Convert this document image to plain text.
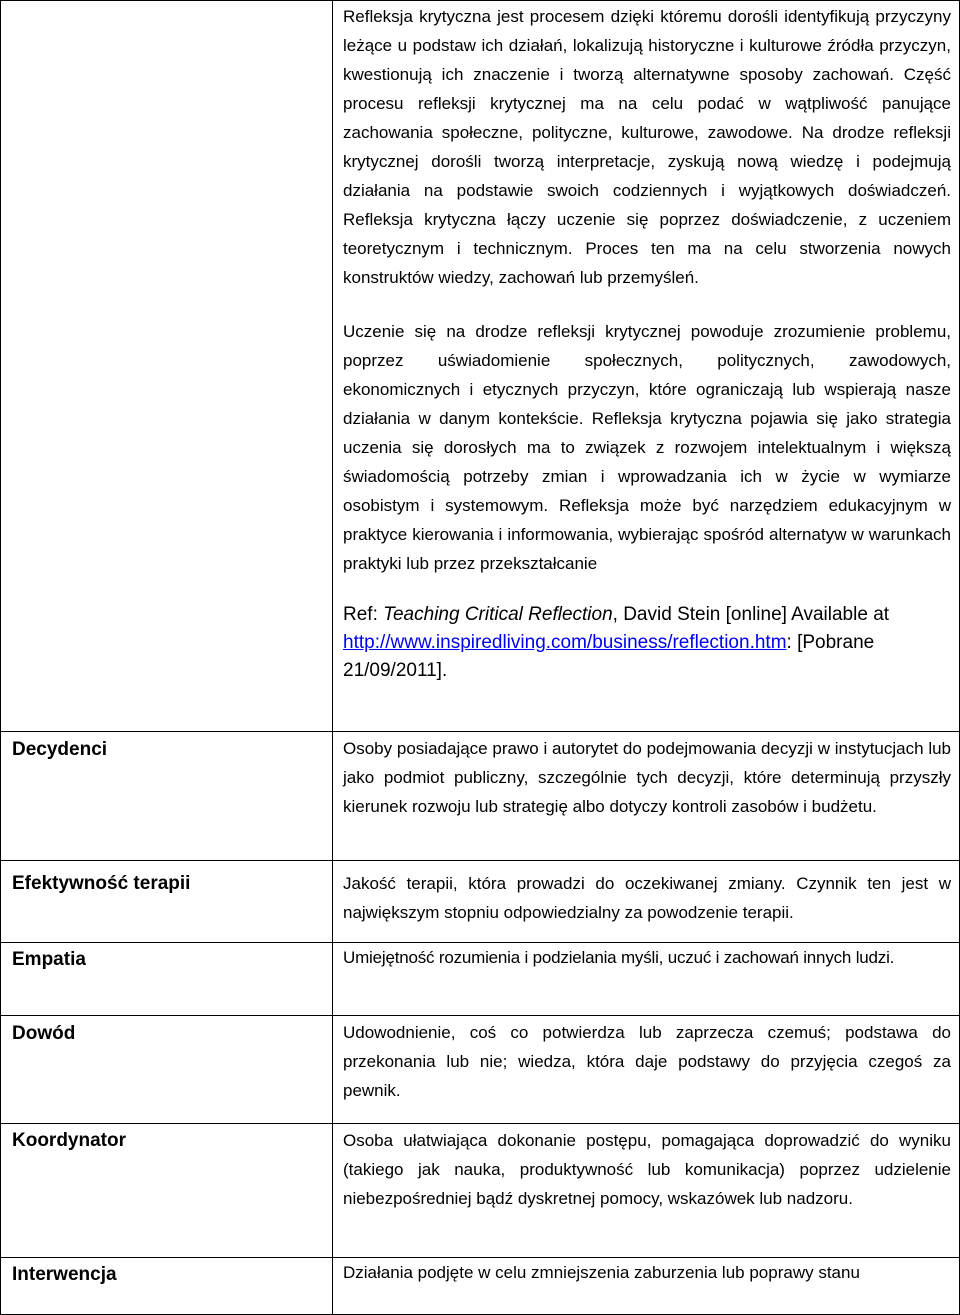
	Refleksja krytyczna jest procesem dzięki któremu dorośli identyfikują przyczyny leżące u podstaw ich działań, lokalizują historyczne i kulturowe źródła przyczyn, kwestionują ich znaczenie i tworzą alternatywne sposoby zachowań. Część procesu refleksji krytycznej ma na celu podać w wątpliwość panujące zachowania społeczne, polityczne, kulturowe, zawodowe. Na drodze refleksji krytycznej dorośli tworzą interpretacje, zyskują nową wiedzę i podejmują działania na podstawie swoich codziennych i wyjątkowych doświadczeń. Refleksja krytyczna łączy uczenie się poprzez doświadczenie, z uczeniem teoretycznym i technicznym. Proces ten ma na celu stworzenia nowych konstruktów wiedzy, zachowań lub przemyśleń.

Uczenie się na drodze refleksji krytycznej powoduje zrozumienie problemu, poprzez uświadomienie społecznych, politycznych, zawodowych, ekonomicznych i etycznych przyczyn, które ograniczają lub wspierają nasze działania w danym kontekście. Refleksja krytyczna pojawia się jako strategia uczenia się dorosłych ma to związek z rozwojem intelektualnym i większą świadomością potrzeby zmian i wprowadzania ich w życie w wymiarze osobistym i systemowym. Refleksja może być narzędziem edukacyjnym w praktyce kierowania i informowania, wybierając spośród alternatyw w warunkach praktyki lub przez przekształcanie

Ref: Teaching Critical Reflection, David Stein [online] Available at http://www.inspiredliving.com/business/reflection.htm: [Pobrane 21/09/2011].

Decydenci	Osoby posiadające prawo i autorytet do podejmowania decyzji w instytucjach lub jako podmiot publiczny, szczególnie tych decyzji, które determinują przyszły kierunek rozwoju lub strategię albo dotyczy kontroli zasobów i budżetu.

Efektywność terapii	Jakość terapii, która prowadzi do oczekiwanej zmiany. Czynnik ten jest w największym stopniu odpowiedzialny za powodzenie terapii.

Empatia	Umiejętność rozumienia i podzielania myśli, uczuć i zachowań innych ludzi.

Dowód	Udowodnienie, coś co potwierdza lub zaprzecza czemuś; podstawa do przekonania lub nie; wiedza, która daje podstawy do przyjęcia czegoś za pewnik.

Koordynator	Osoba ułatwiająca dokonanie postępu, pomagająca doprowadzić do wyniku (takiego jak nauka, produktywność lub komunikacja) poprzez udzielenie niebezpośredniej bądź dyskretnej pomocy, wskazówek lub nadzoru.

Interwencja	Działania podjęte w celu zmniejszenia zaburzenia lub poprawy stanu
